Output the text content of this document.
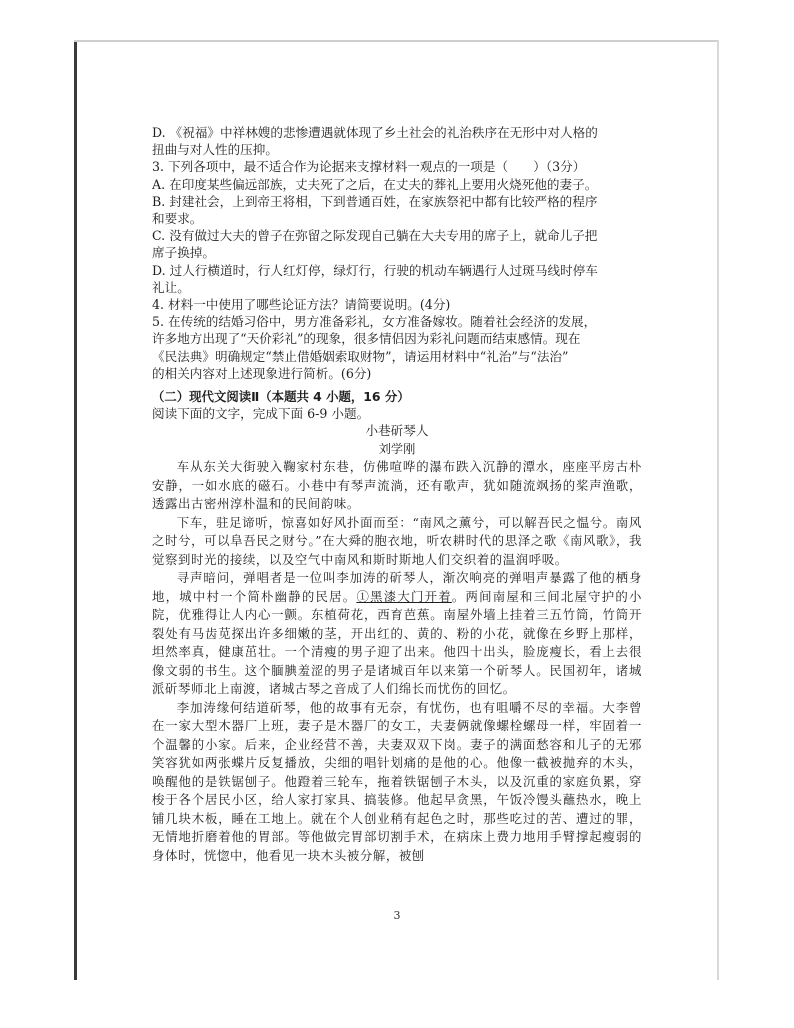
D. 《祝福》中祥林嫂的悲惨遭遇就体现了乡土社会的礼治秩序在无形中对人格的
扭曲与对人性的压抑。
3. 下列各项中，最不适合作为论据来支撑材料一观点的一项是（　　）（3分）
A. 在印度某些偏远部族，丈夫死了之后，在丈夫的葬礼上要用火烧死他的妻子。
B. 封建社会，上到帝王将相，下到普通百姓，在家族祭祀中都有比较严格的程序
和要求。
C. 没有做过大夫的曾子在弥留之际发现自己躺在大夫专用的席子上，就命儿子把
席子换掉。
D. 过人行横道时，行人红灯停，绿灯行，行驶的机动车辆遇行人过斑马线时停车
礼让。
4. 材料一中使用了哪些论证方法？请简要说明。(4分)
5. 在传统的结婚习俗中，男方准备彩礼，女方准备嫁妆。随着社会经济的发展，
许多地方出现了“天价彩礼”的现象，很多情侣因为彩礼问题而结束感情。现在
《民法典》明确规定“禁止借婚姻索取财物”，请运用材料中“礼治”与“法治”
的相关内容对上述现象进行简析。(6分)
（二）现代文阅读Ⅱ（本题共 4 小题，16 分）
阅读下面的文字，完成下面 6-9 小题。
小巷斫琴人
刘学刚

车从东关大街驶入鞠家村东巷，仿佛喧哗的瀑布跌入沉静的潭水，座座平房古朴安静，一如水底的磁石。小巷中有琴声流淌，还有歌声，犹如随流飒扬的桨声渔歌，透露出古密州淳朴温和的民间韵味。

下车，驻足谛听，惊喜如好风扑面而至：“南风之薰兮，可以解吾民之愠兮。南风之时兮，可以阜吾民之财兮。”在大舜的胞衣地，听农耕时代的思泽之歌《南风歌》，我觉察到时光的接续，以及空气中南风和斯时斯地人们交织着的温润呼吸。

寻声暗问，弹唱者是一位叫李加涛的斫琴人，渐次响亮的弹唱声暴露了他的栖身地，城中村一个简朴幽静的民居。①黑漆大门开着。两间南屋和三间北屋守护的小院，优雅得让人内心一颤。东植荷花，西育芭蕉。南屋外墙上挂着三五竹筒，竹筒开裂处有马齿苋探出许多细嫩的茎，开出红的、黄的、粉的小花，就像在乡野上那样，坦然率真，健康茁壮。一个清瘦的男子迎了出来。他四十出头，脸庞瘦长，看上去很像文弱的书生。这个腼腆羞涩的男子是诸城百年以来第一个斫琴人。民国初年，诸城派斫琴师北上南渡，诸城古琴之音成了人们绵长而忧伤的回忆。

李加涛缘何结道斫琴，他的故事有无奈，有忧伤，也有咀嚼不尽的幸福。大李曾在一家大型木器厂上班，妻子是木器厂的女工，夫妻俩就像螺栓螺母一样，牢固着一个温馨的小家。后来，企业经营不善，夫妻双双下岗。妻子的满面愁容和儿子的无邪笑容犹如两张蝶片反复播放，尖细的唱针划痛的是他的心。他像一截被抛弃的木头，唤醒他的是铁锯刨子。他蹬着三轮车，拖着铁锯刨子木头，以及沉重的家庭负累，穿梭于各个居民小区，给人家打家具、搞装修。他起早贪黑，午饭冷馒头蘸热水，晚上铺几块木板，睡在工地上。就在个人创业稍有起色之时，那些吃过的苦、遭过的罪，无情地折磨着他的胃部。等他做完胃部切割手术，在病床上费力地用手臂撑起瘦弱的身体时，恍惚中，他看见一块木头被分解，被刨

3
